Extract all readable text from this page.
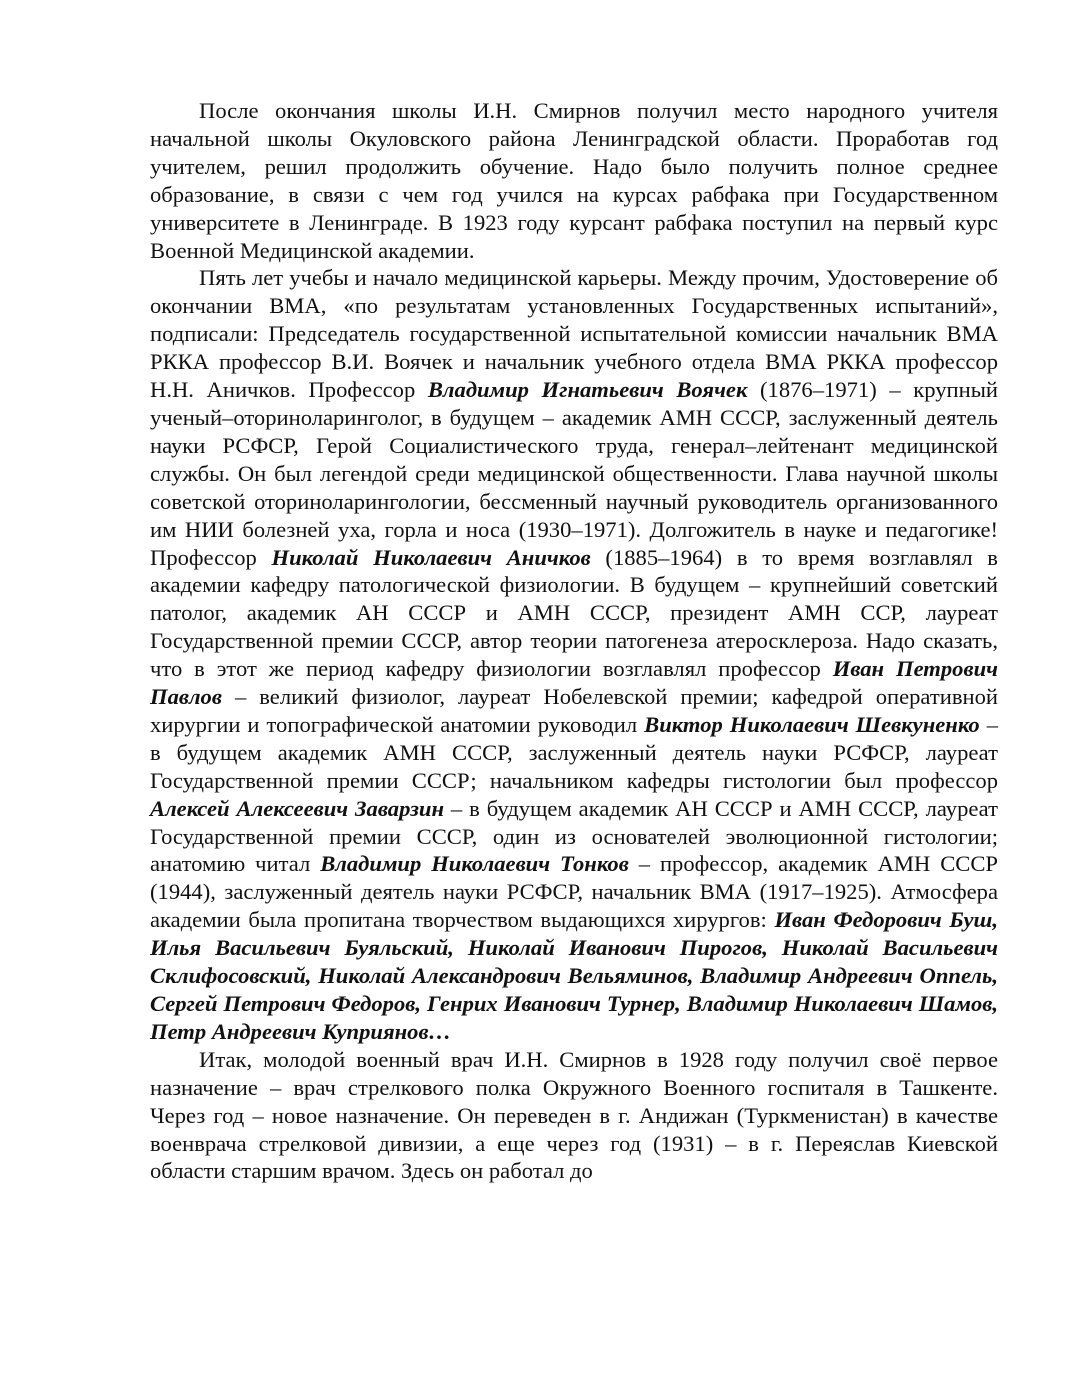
После окончания школы И.Н. Смирнов получил место народного учителя начальной школы Окуловского района Ленинградской области. Проработав год учителем, решил продолжить обучение. Надо было получить полное среднее образование, в связи с чем год учился на курсах рабфака при Государственном университете в Ленинграде. В 1923 году курсант рабфака поступил на первый курс Военной Медицинской академии.

Пять лет учебы и начало медицинской карьеры. Между прочим, Удостоверение об окончании ВМА, «по результатам установленных Государственных испытаний», подписали: Председатель государственной испытательной комиссии начальник ВМА РККА профессор В.И. Воячек и начальник учебного отдела ВМА РККА профессор Н.Н. Аничков. Профессор Владимир Игнатьевич Воячек (1876–1971) – крупный ученый–оториноларинголог, в будущем – академик АМН СССР, заслуженный деятель науки РСФСР, Герой Социалистического труда, генерал–лейтенант медицинской службы. Он был легендой среди медицинской общественности. Глава научной школы советской оториноларингологии, бессменный научный руководитель организованного им НИИ болезней уха, горла и носа (1930–1971). Долгожитель в науке и педагогике! Профессор Николай Николаевич Аничков (1885–1964) в то время возглавлял в академии кафедру патологической физиологии. В будущем – крупнейший советский патолог, академик АН СССР и АМН СССР, президент АМН ССР, лауреат Государственной премии СССР, автор теории патогенеза атеросклероза. Надо сказать, что в этот же период кафедру физиологии возглавлял профессор Иван Петрович Павлов – великий физиолог, лауреат Нобелевской премии; кафедрой оперативной хирургии и топографической анатомии руководил Виктор Николаевич Шевкуненко – в будущем академик АМН СССР, заслуженный деятель науки РСФСР, лауреат Государственной премии СССР; начальником кафедры гистологии был профессор Алексей Алексеевич Заварзин – в будущем академик АН СССР и АМН СССР, лауреат Государственной премии СССР, один из основателей эволюционной гистологии; анатомию читал Владимир Николаевич Тонков – профессор, академик АМН СССР (1944), заслуженный деятель науки РСФСР, начальник ВМА (1917–1925). Атмосфера академии была пропитана творчеством выдающихся хирургов: Иван Федорович Буш, Илья Васильевич Буяльский, Николай Иванович Пирогов, Николай Васильевич Склифосовский, Николай Александрович Вельяминов, Владимир Андреевич Оппель, Сергей Петрович Федоров, Генрих Иванович Турнер, Владимир Николаевич Шамов, Петр Андреевич Куприянов…

Итак, молодой военный врач И.Н. Смирнов в 1928 году получил своё первое назначение – врач стрелкового полка Окружного Военного госпиталя в Ташкенте. Через год – новое назначение. Он переведен в г. Андижан (Туркменистан) в качестве военврача стрелковой дивизии, а еще через год (1931) – в г. Переяслав Киевской области старшим врачом. Здесь он работал до
